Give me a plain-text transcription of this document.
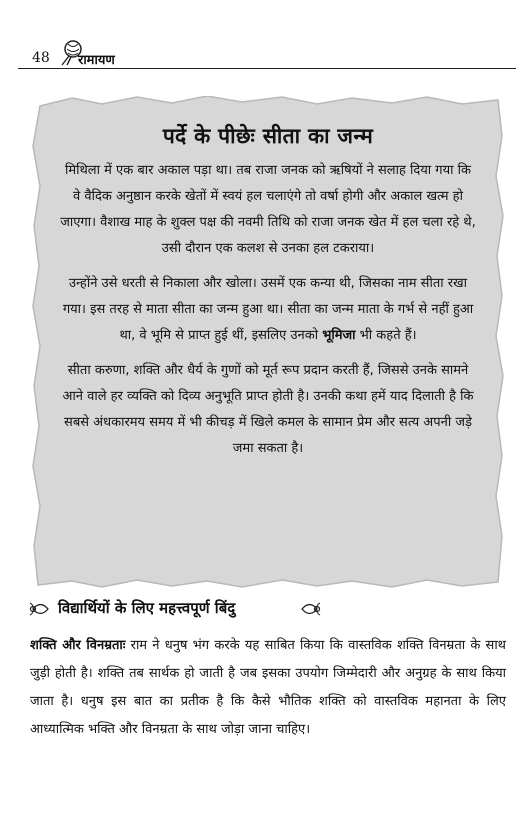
48 रामायण
पर्दे के पीछेः सीता का जन्म

मिथिला में एक बार अकाल पड़ा था। तब राजा जनक को ऋषियों ने सलाह दिया गया कि वे वैदिक अनुष्ठान करके खेतों में स्वयं हल चलाएंगे तो वर्षा होगी और अकाल खत्म हो जाएगा। वैशाख माह के शुक्ल पक्ष की नवमी तिथि को राजा जनक खेत में हल चला रहे थे, उसी दौरान एक कलश से उनका हल टकराया।

उन्होंने उसे धरती से निकाला और खोला। उसमें एक कन्या थी, जिसका नाम सीता रखा गया। इस तरह से माता सीता का जन्म हुआ था। सीता का जन्म माता के गर्भ से नहीं हुआ था, वे भूमि से प्राप्त हुई थीं, इसलिए उनको भूमिजा भी कहते हैं।

सीता करुणा, शक्ति और धैर्य के गुणों को मूर्त रूप प्रदान करती हैं, जिससे उनके सामने आने वाले हर व्यक्ति को दिव्य अनुभूति प्राप्त होती है। उनकी कथा हमें याद दिलाती है कि सबसे अंधकारमय समय में भी कीचड़ में खिले कमल के सामान प्रेम और सत्य अपनी जड़े जमा सकता है।

विद्यार्थियों के लिए महत्त्वपूर्ण बिंदु
शक्ति और विनम्रताः राम ने धनुष भंग करके यह साबित किया कि वास्तविक शक्ति विनम्रता के साथ जुड़ी होती है। शक्ति तब सार्थक हो जाती है जब इसका उपयोग जिम्मेदारी और अनुग्रह के साथ किया जाता है। धनुष इस बात का प्रतीक है कि कैसे भौतिक शक्ति को वास्तविक महानता के लिए आध्यात्मिक भक्ति और विनम्रता के साथ जोड़ा जाना चाहिए।
